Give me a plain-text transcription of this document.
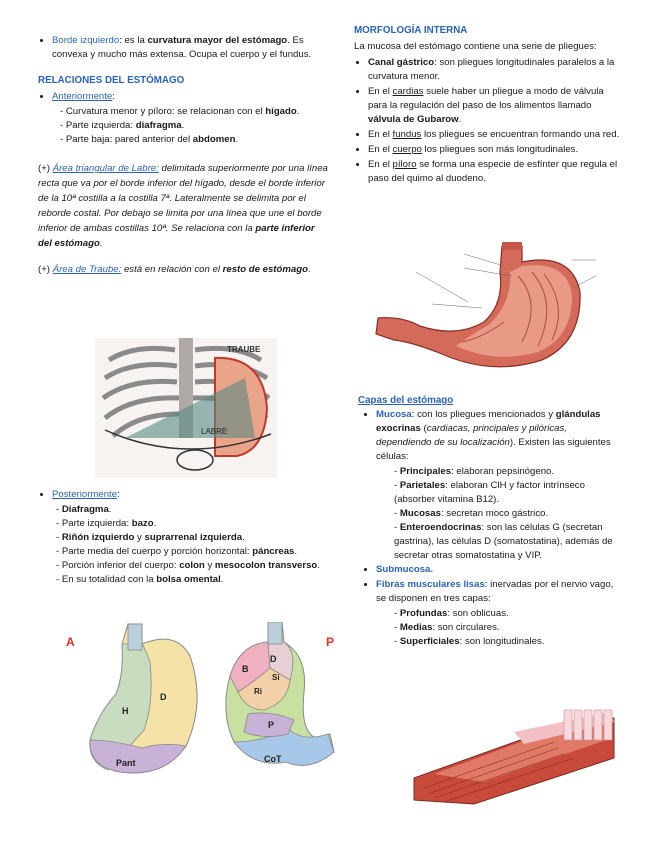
• Borde izquierdo: es la curvatura mayor del estómago. Es convexa y mucho más extensa. Ocupa el cuerpo y el fundus.
RELACIONES DEL ESTÓMAGO
• Anteriormente:
- Curvatura menor y píloro: se relacionan con el hígado.
- Parte izquierda: diafragma.
- Parte baja: pared anterior del abdomen.
(+) Área triangular de Labre: delimitada superiormente por una línea recta que va por el borde inferior del hígado, desde el borde inferior de la 10ª costilla a la costilla 7ª. Lateralmente se delimita por el reborde costal. Por debajo se limita por una línea que une el borde inferior de ambas costillas 10ª. Se relaciona con la parte inferior del estómago.
(+) Área de Traube: está en relación con el resto de estómago.
TRAUBE
LABRE
• Posteriormente:
- Diafragma.
- Parte izquierda: bazo.
- Riñón izquierdo y suprarrenal izquierda.
- Parte media del cuerpo y porción horizontal: páncreas.
- Porción inferior del cuerpo: colon y mesocolon transverso.
- En su totalidad con la bolsa omental.
A	P
H
D
Pant
B
D
Si
Ri
P
CoT
MORFOLOGÍA INTERNA
La mucosa del estómago contiene una serie de pliegues:
• Canal gástrico: son pliegues longitudinales paralelos a la curvatura menor.
• En el cardias suele haber un pliegue a modo de válvula para la regulación del paso de los alimentos llamado válvula de Gubarow.
• En el fundus los pliegues se encuentran formando una red.
• En el cuerpo los pliegues son más longitudinales.
• En el píloro se forma una especie de esfínter que regula el paso del quimo al duodeno.
Capas del estómago
• Mucosa: con los pliegues mencionados y glándulas exocrinas (cardiacas, principales y pilóricas, dependiendo de su localización). Existen las siguientes células:
- Principales: elaboran pepsinógeno.
- Parietales: elaboran ClH y factor intrínseco (absorber vitamina B12).
- Mucosas: secretan moco gástrico.
- Enteroendocrinas: son las células G (secretan gastrina), las células D (somatostatina), además de secretar otras somatostatina y VIP.
• Submucosa.
• Fibras musculares lisas: inervadas por el nervio vago, se disponen en tres capas:
- Profundas: son oblicuas.
- Medias: son circulares.
- Superficiales: son longitudinales.
